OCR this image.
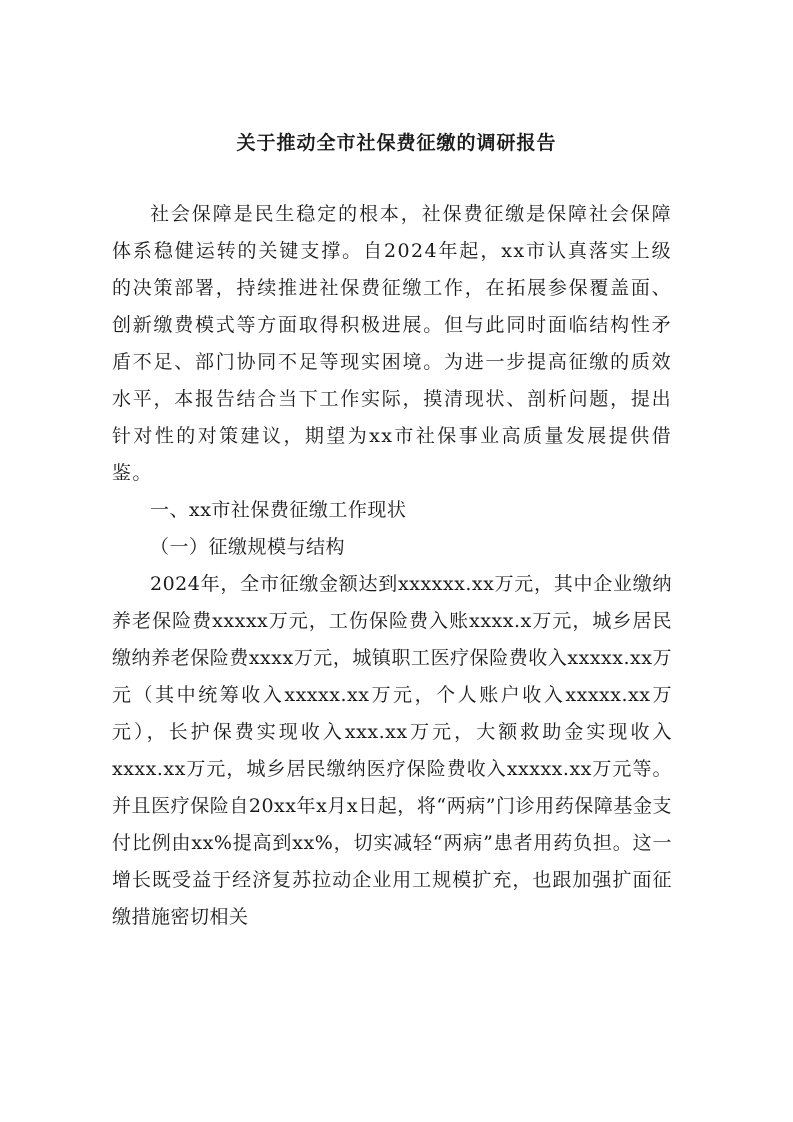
关于推动全市社保费征缴的调研报告

社会保障是民生稳定的根本，社保费征缴是保障社会保障体系稳健运转的关键支撑。自2024年起，xx市认真落实上级的决策部署，持续推进社保费征缴工作，在拓展参保覆盖面、创新缴费模式等方面取得积极进展。但与此同时面临结构性矛盾不足、部门协同不足等现实困境。为进一步提高征缴的质效水平，本报告结合当下工作实际，摸清现状、剖析问题，提出针对性的对策建议，期望为xx市社保事业高质量发展提供借鉴。

一、xx市社保费征缴工作现状

（一）征缴规模与结构

2024年，全市征缴金额达到xxxxxx.xx万元，其中企业缴纳养老保险费xxxxx万元，工伤保险费入账xxxx.x万元，城乡居民缴纳养老保险费xxxx万元，城镇职工医疗保险费收入xxxxx.xx万元（其中统筹收入xxxxx.xx万元，个人账户收入xxxxx.xx万元），长护保费实现收入xxx.xx万元，大额救助金实现收入xxxx.xx万元，城乡居民缴纳医疗保险费收入xxxxx.xx万元等。并且医疗保险自20xx年x月x日起，将“两病”门诊用药保障基金支付比例由xx%提高到xx%，切实减轻“两病”患者用药负担。这一增长既受益于经济复苏拉动企业用工规模扩充，也跟加强扩面征缴措施密切相关
